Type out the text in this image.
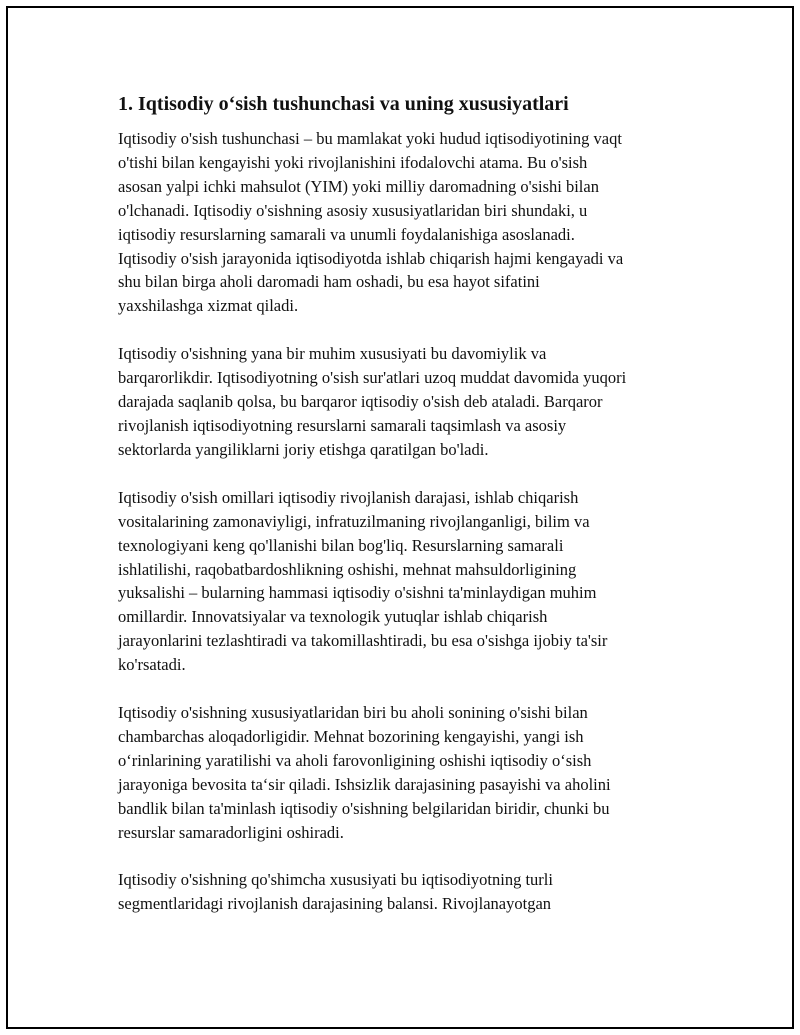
1. Iqtisodiy o‘sish tushunchasi va uning xususiyatlari

Iqtisodiy o'sish tushunchasi – bu mamlakat yoki hudud iqtisodiyotining vaqt
o'tishi bilan kengayishi yoki rivojlanishini ifodalovchi atama. Bu o'sish
asosan yalpi ichki mahsulot (YIM) yoki milliy daromadning o'sishi bilan
o'lchanadi. Iqtisodiy o'sishning asosiy xususiyatlaridan biri shundaki, u
iqtisodiy resurslarning samarali va unumli foydalanishiga asoslanadi.
Iqtisodiy o'sish jarayonida iqtisodiyotda ishlab chiqarish hajmi kengayadi va
shu bilan birga aholi daromadi ham oshadi, bu esa hayot sifatini
yaxshilashga xizmat qiladi.

Iqtisodiy o'sishning yana bir muhim xususiyati bu davomiylik va
barqarorlikdir. Iqtisodiyotning o'sish sur'atlari uzoq muddat davomida yuqori
darajada saqlanib qolsa, bu barqaror iqtisodiy o'sish deb ataladi. Barqaror
rivojlanish iqtisodiyotning resurslarni samarali taqsimlash va asosiy
sektorlarda yangiliklarni joriy etishga qaratilgan bo'ladi.

Iqtisodiy o'sish omillari iqtisodiy rivojlanish darajasi, ishlab chiqarish
vositalarining zamonaviyligi, infratuzilmaning rivojlanganligi, bilim va
texnologiyani keng qo'llanishi bilan bog'liq. Resurslarning samarali
ishlatilishi, raqobatbardoshlikning oshishi, mehnat mahsuldorligining
yuksalishi – bularning hammasi iqtisodiy o'sishni ta'minlaydigan muhim
omillardir. Innovatsiyalar va texnologik yutuqlar ishlab chiqarish
jarayonlarini tezlashtiradi va takomillashtiradi, bu esa o'sishga ijobiy ta'sir
ko'rsatadi.

Iqtisodiy o'sishning xususiyatlaridan biri bu aholi sonining o'sishi bilan
chambarchas aloqadorligidir. Mehnat bozorining kengayishi, yangi ish
o‘rinlarining yaratilishi va aholi farovonligining oshishi iqtisodiy o‘sish
jarayoniga bevosita ta‘sir qiladi. Ishsizlik darajasining pasayishi va aholini
bandlik bilan ta'minlash iqtisodiy o'sishning belgilaridan biridir, chunki bu
resurslar samaradorligini oshiradi.

Iqtisodiy o'sishning qo'shimcha xususiyati bu iqtisodiyotning turli
segmentlaridagi rivojlanish darajasining balansi. Rivojlanayotgan
